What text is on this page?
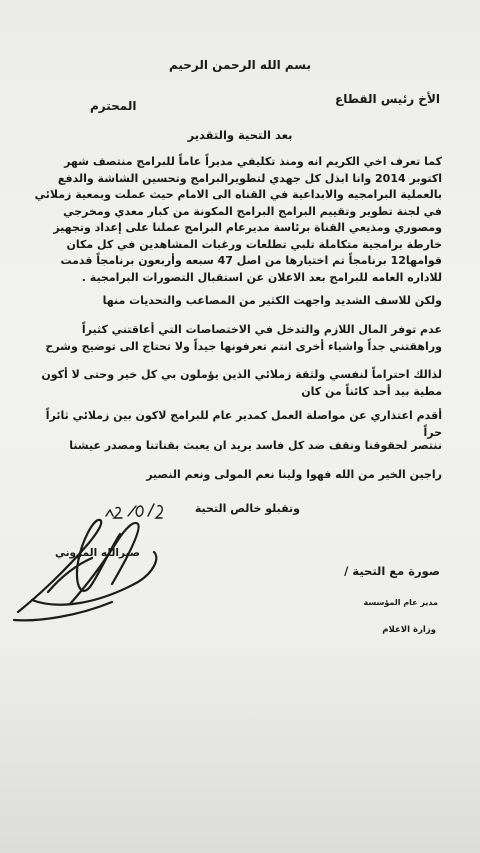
بسم الله الرحمن الرحيم
الأخ رئيس القطاع
المحترم
بعد التحية والتقدير
كما تعرف اخي الكريم انه ومنذ تكليفي مديراً عاماً للبرامج منتصف شهر اكتوبر 2014 وانا ابذل كل جهدي لتطويرالبرامج وتحسين الشاشة والدفع بالعملية البرامجيه والابداعية في القناه الى الامام حيث عملت وبمعية زملائي في لجنة تطوير وتقييم البرامج البرامج المكونة من كبار معدي ومخرجي ومصوري ومذيعي القناة برئاسة مديرعام البرامج عملنا على إعداد وتجهيز خارطة برامجية متكاملة تلبي تطلعات ورغبات المشاهدين في كل مكان قوامها12 برنامجاً تم اختيارها من اصل 47 سبعه وأربعون برنامجاً قدمت للاداره العامه للبرامج بعد الاعلان عن استقبال التصورات البرامجية .
ولكن للاسف الشديد واجهت الكثير من المصاعب والتحديات منها
عدم توفر المال اللازم والتدخل في الاختصاصات التي أعاقتني كثيراً وراهقتني جداً واشياء أخرى انتم تعرفونها جيداً ولا تحتاج الى توضيح وشرح
لذالك احتراماً لنفسي ولثقة زملائي الذين يؤملون بي كل خير وحتى لا أكون مطية بيد أحد كائناً من كان
أقدم اعتذاري عن مواصلة العمل كمدير عام للبرامج لاكون بين زملائي ثائراً حراً
ننتصر لحقوقنا ونقف ضد كل فاسد يريد ان يعبث بقناتنا ومصدر عيشنا
راجين الخير من الله فهوا ولينا نعم المولى ونعم النصير
وتقبلو خالص التحية
صورة مع التحية /
مدير عام المؤسسة
وزارة الاعلام
صبرالله المروني
